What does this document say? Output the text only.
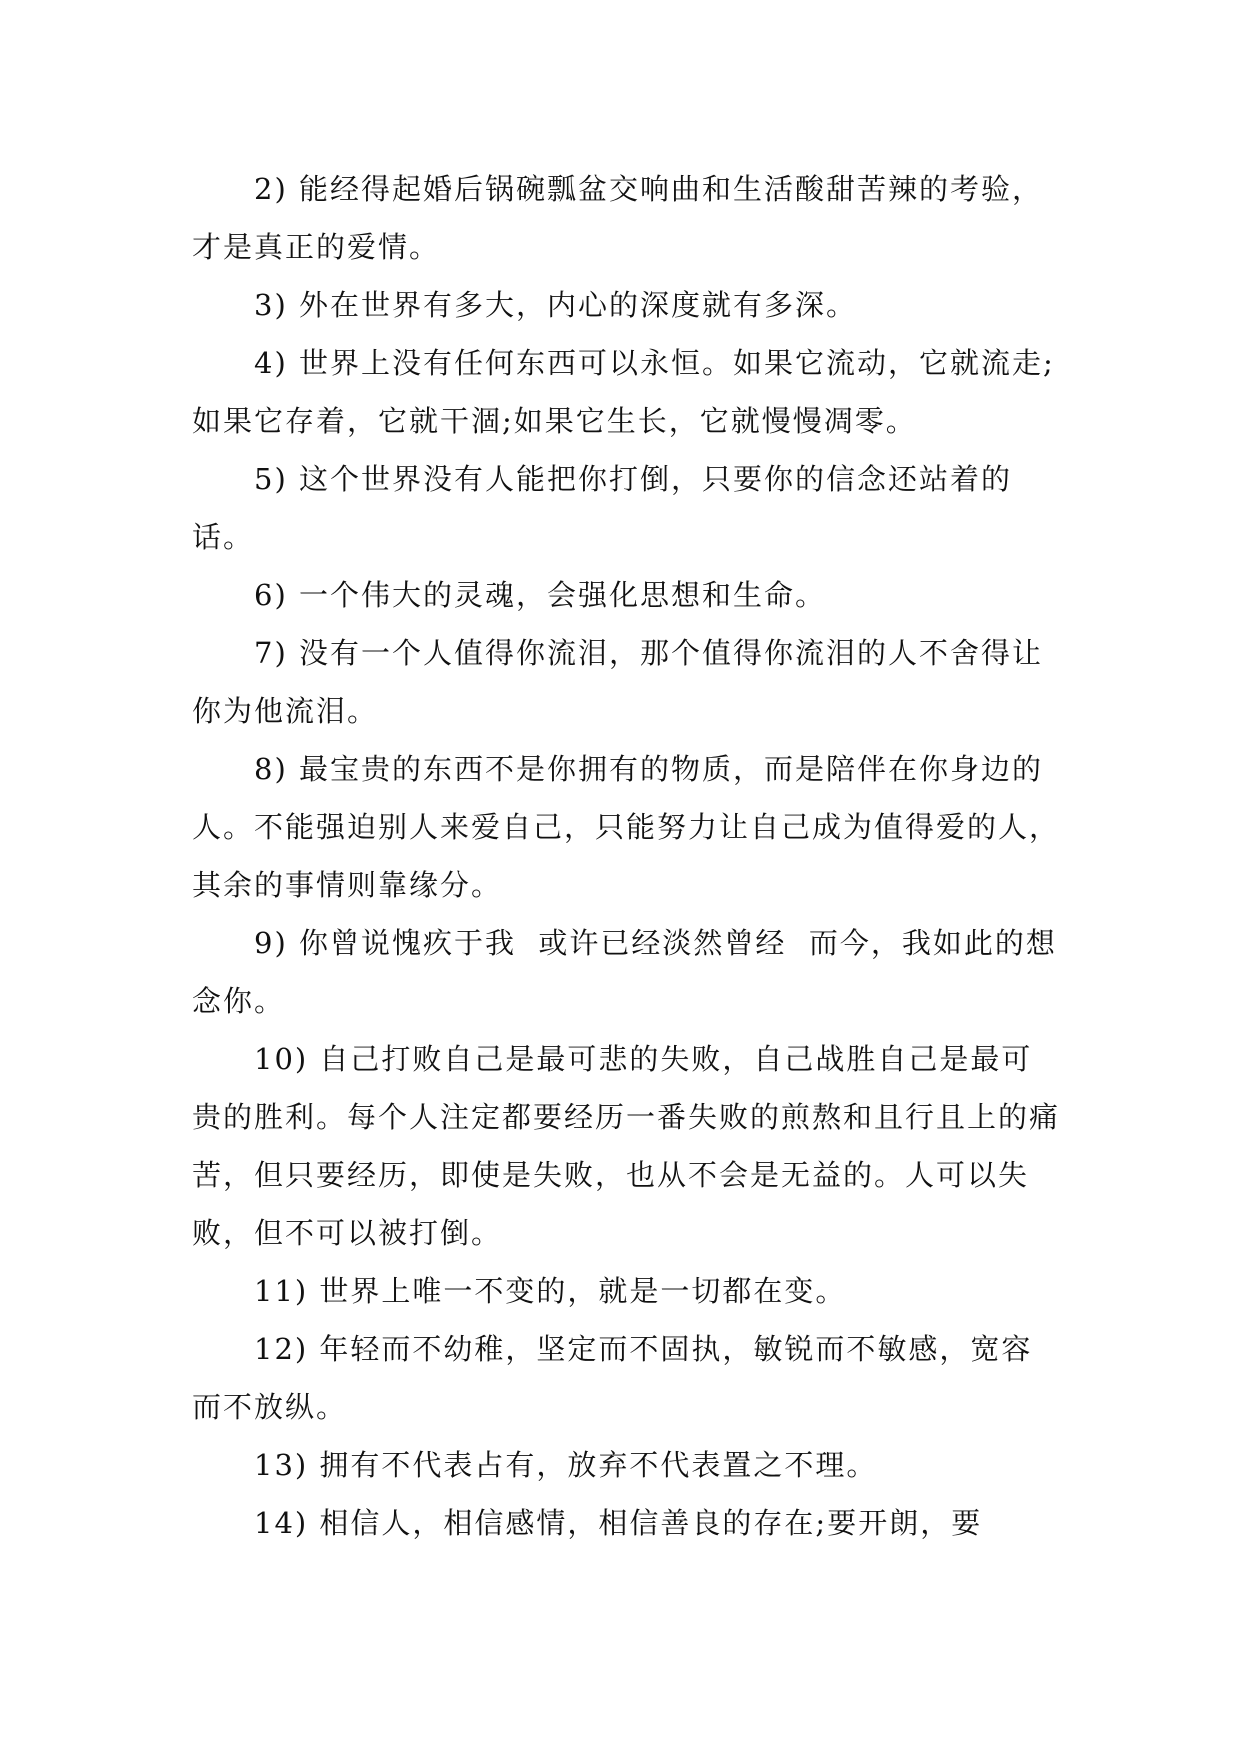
2) 能经得起婚后锅碗瓢盆交响曲和生活酸甜苦辣的考验，才是真正的爱情。

3) 外在世界有多大，内心的深度就有多深。

4) 世界上没有任何东西可以永恒。如果它流动，它就流走;如果它存着，它就干涸;如果它生长，它就慢慢凋零。

5) 这个世界没有人能把你打倒，只要你的信念还站着的话。

6) 一个伟大的灵魂，会强化思想和生命。

7) 没有一个人值得你流泪，那个值得你流泪的人不舍得让你为他流泪。

8) 最宝贵的东西不是你拥有的物质，而是陪伴在你身边的人。不能强迫别人来爱自己，只能努力让自己成为值得爱的人，其余的事情则靠缘分。

9) 你曾说愧疚于我  或许已经淡然曾经  而今，我如此的想念你。

10) 自己打败自己是最可悲的失败，自己战胜自己是最可贵的胜利。每个人注定都要经历一番失败的煎熬和且行且上的痛苦，但只要经历，即使是失败，也从不会是无益的。人可以失败，但不可以被打倒。

11) 世界上唯一不变的，就是一切都在变。

12) 年轻而不幼稚，坚定而不固执，敏锐而不敏感，宽容而不放纵。

13) 拥有不代表占有，放弃不代表置之不理。

14) 相信人，相信感情，相信善良的存在;要开朗，要
